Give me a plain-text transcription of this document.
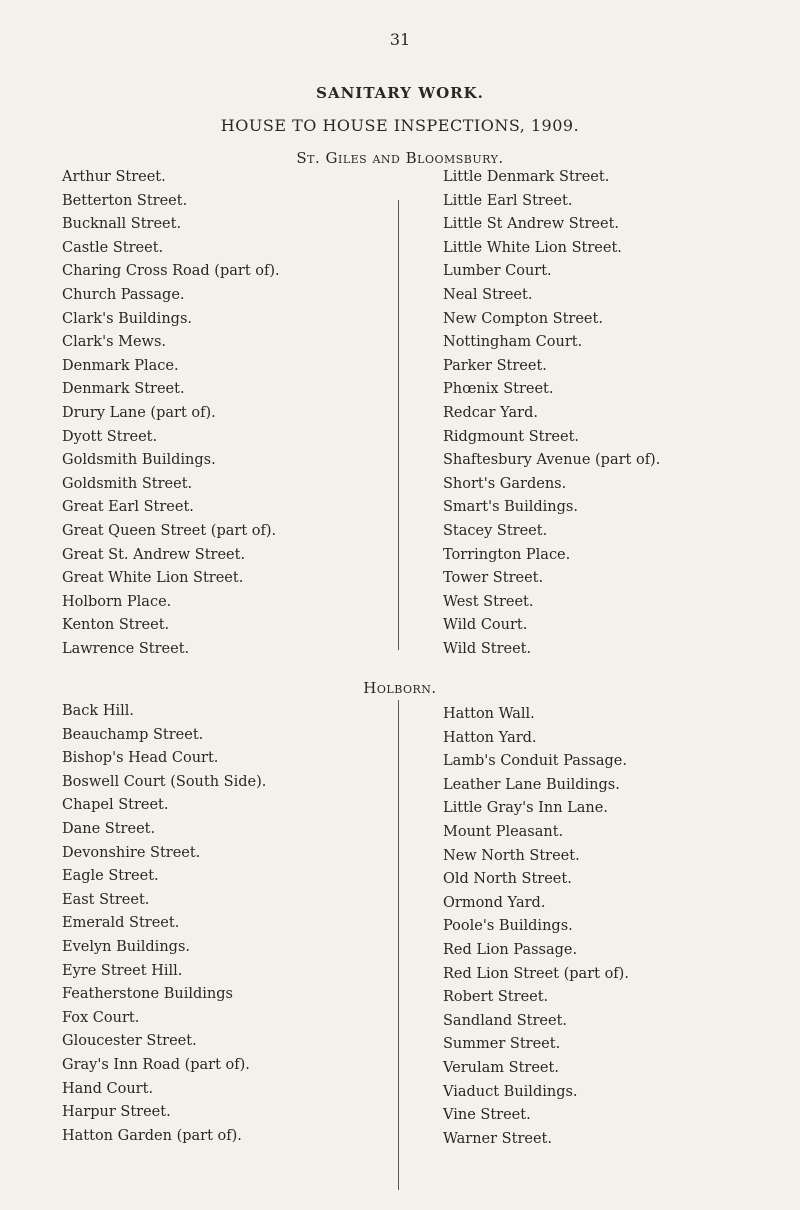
31
SANITARY WORK.
HOUSE TO HOUSE INSPECTIONS, 1909.
St. Giles and Bloomsbury.
Arthur Street.
Betterton Street.
Bucknall Street.
Castle Street.
Charing Cross Road (part of).
Church Passage.
Clark's Buildings.
Clark's Mews.
Denmark Place.
Denmark Street.
Drury Lane (part of).
Dyott Street.
Goldsmith Buildings.
Goldsmith Street.
Great Earl Street.
Great Queen Street (part of).
Great St. Andrew Street.
Great White Lion Street.
Holborn Place.
Kenton Street.
Lawrence Street.
Little Denmark Street.
Little Earl Street.
Little St Andrew Street.
Little White Lion Street.
Lumber Court.
Neal Street.
New Compton Street.
Nottingham Court.
Parker Street.
Phœnix Street.
Redcar Yard.
Ridgmount Street.
Shaftesbury Avenue (part of).
Short's Gardens.
Smart's Buildings.
Stacey Street.
Torrington Place.
Tower Street.
West Street.
Wild Court.
Wild Street.
Holborn.
Back Hill.
Beauchamp Street.
Bishop's Head Court.
Boswell Court (South Side).
Chapel Street.
Dane Street.
Devonshire Street.
Eagle Street.
East Street.
Emerald Street.
Evelyn Buildings.
Eyre Street Hill.
Featherstone Buildings
Fox Court.
Gloucester Street.
Gray's Inn Road (part of).
Hand Court.
Harpur Street.
Hatton Garden (part of).
Hatton Wall.
Hatton Yard.
Lamb's Conduit Passage.
Leather Lane Buildings.
Little Gray's Inn Lane.
Mount Pleasant.
New North Street.
Old North Street.
Ormond Yard.
Poole's Buildings.
Red Lion Passage.
Red Lion Street (part of).
Robert Street.
Sandland Street.
Summer Street.
Verulam Street.
Viaduct Buildings.
Vine Street.
Warner Street.
